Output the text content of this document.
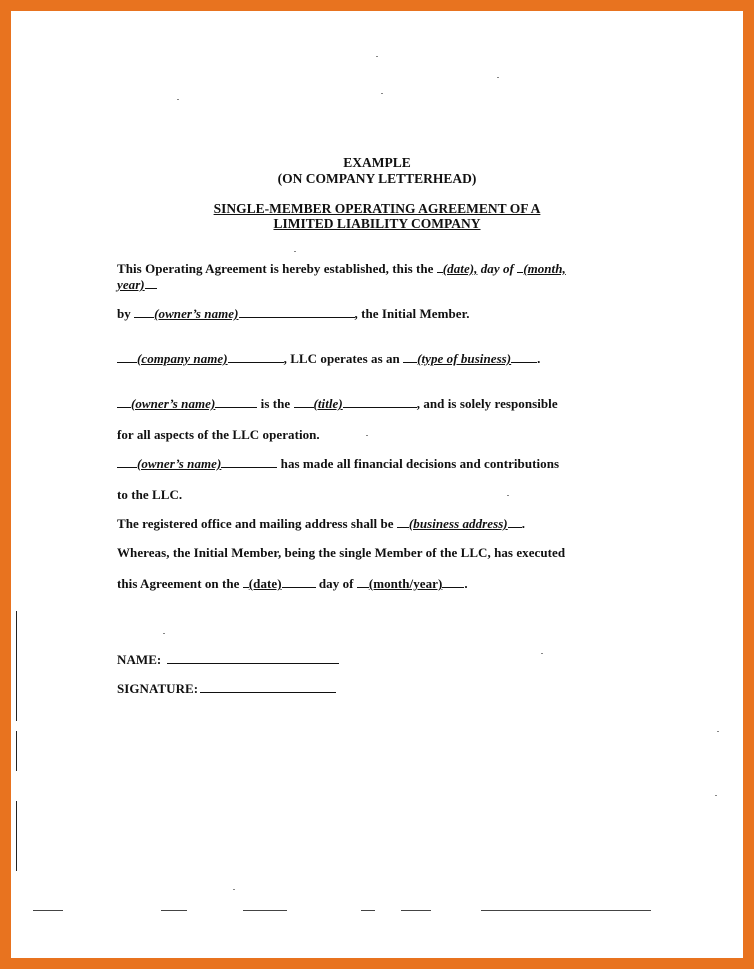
EXAMPLE
(ON COMPANY LETTERHEAD)
SINGLE-MEMBER OPERATING AGREEMENT OF A
LIMITED LIABILITY COMPANY
This Operating Agreement is hereby established, this the (date), day of (month,
year)
by (owner’s name)	, the Initial Member.
(company name)	, LLC operates as an (type of business) .
(owner’s name)	is the (title)	, and is solely responsible
for all aspects of the LLC operation.
(owner’s name)	has made all financial decisions and contributions
to the LLC.
The registered office and mailing address shall be (business address) .
Whereas, the Initial Member, being the single Member of the LLC, has executed
this Agreement on the (date)	day of (month/year) .
NAME:
SIGNATURE:
